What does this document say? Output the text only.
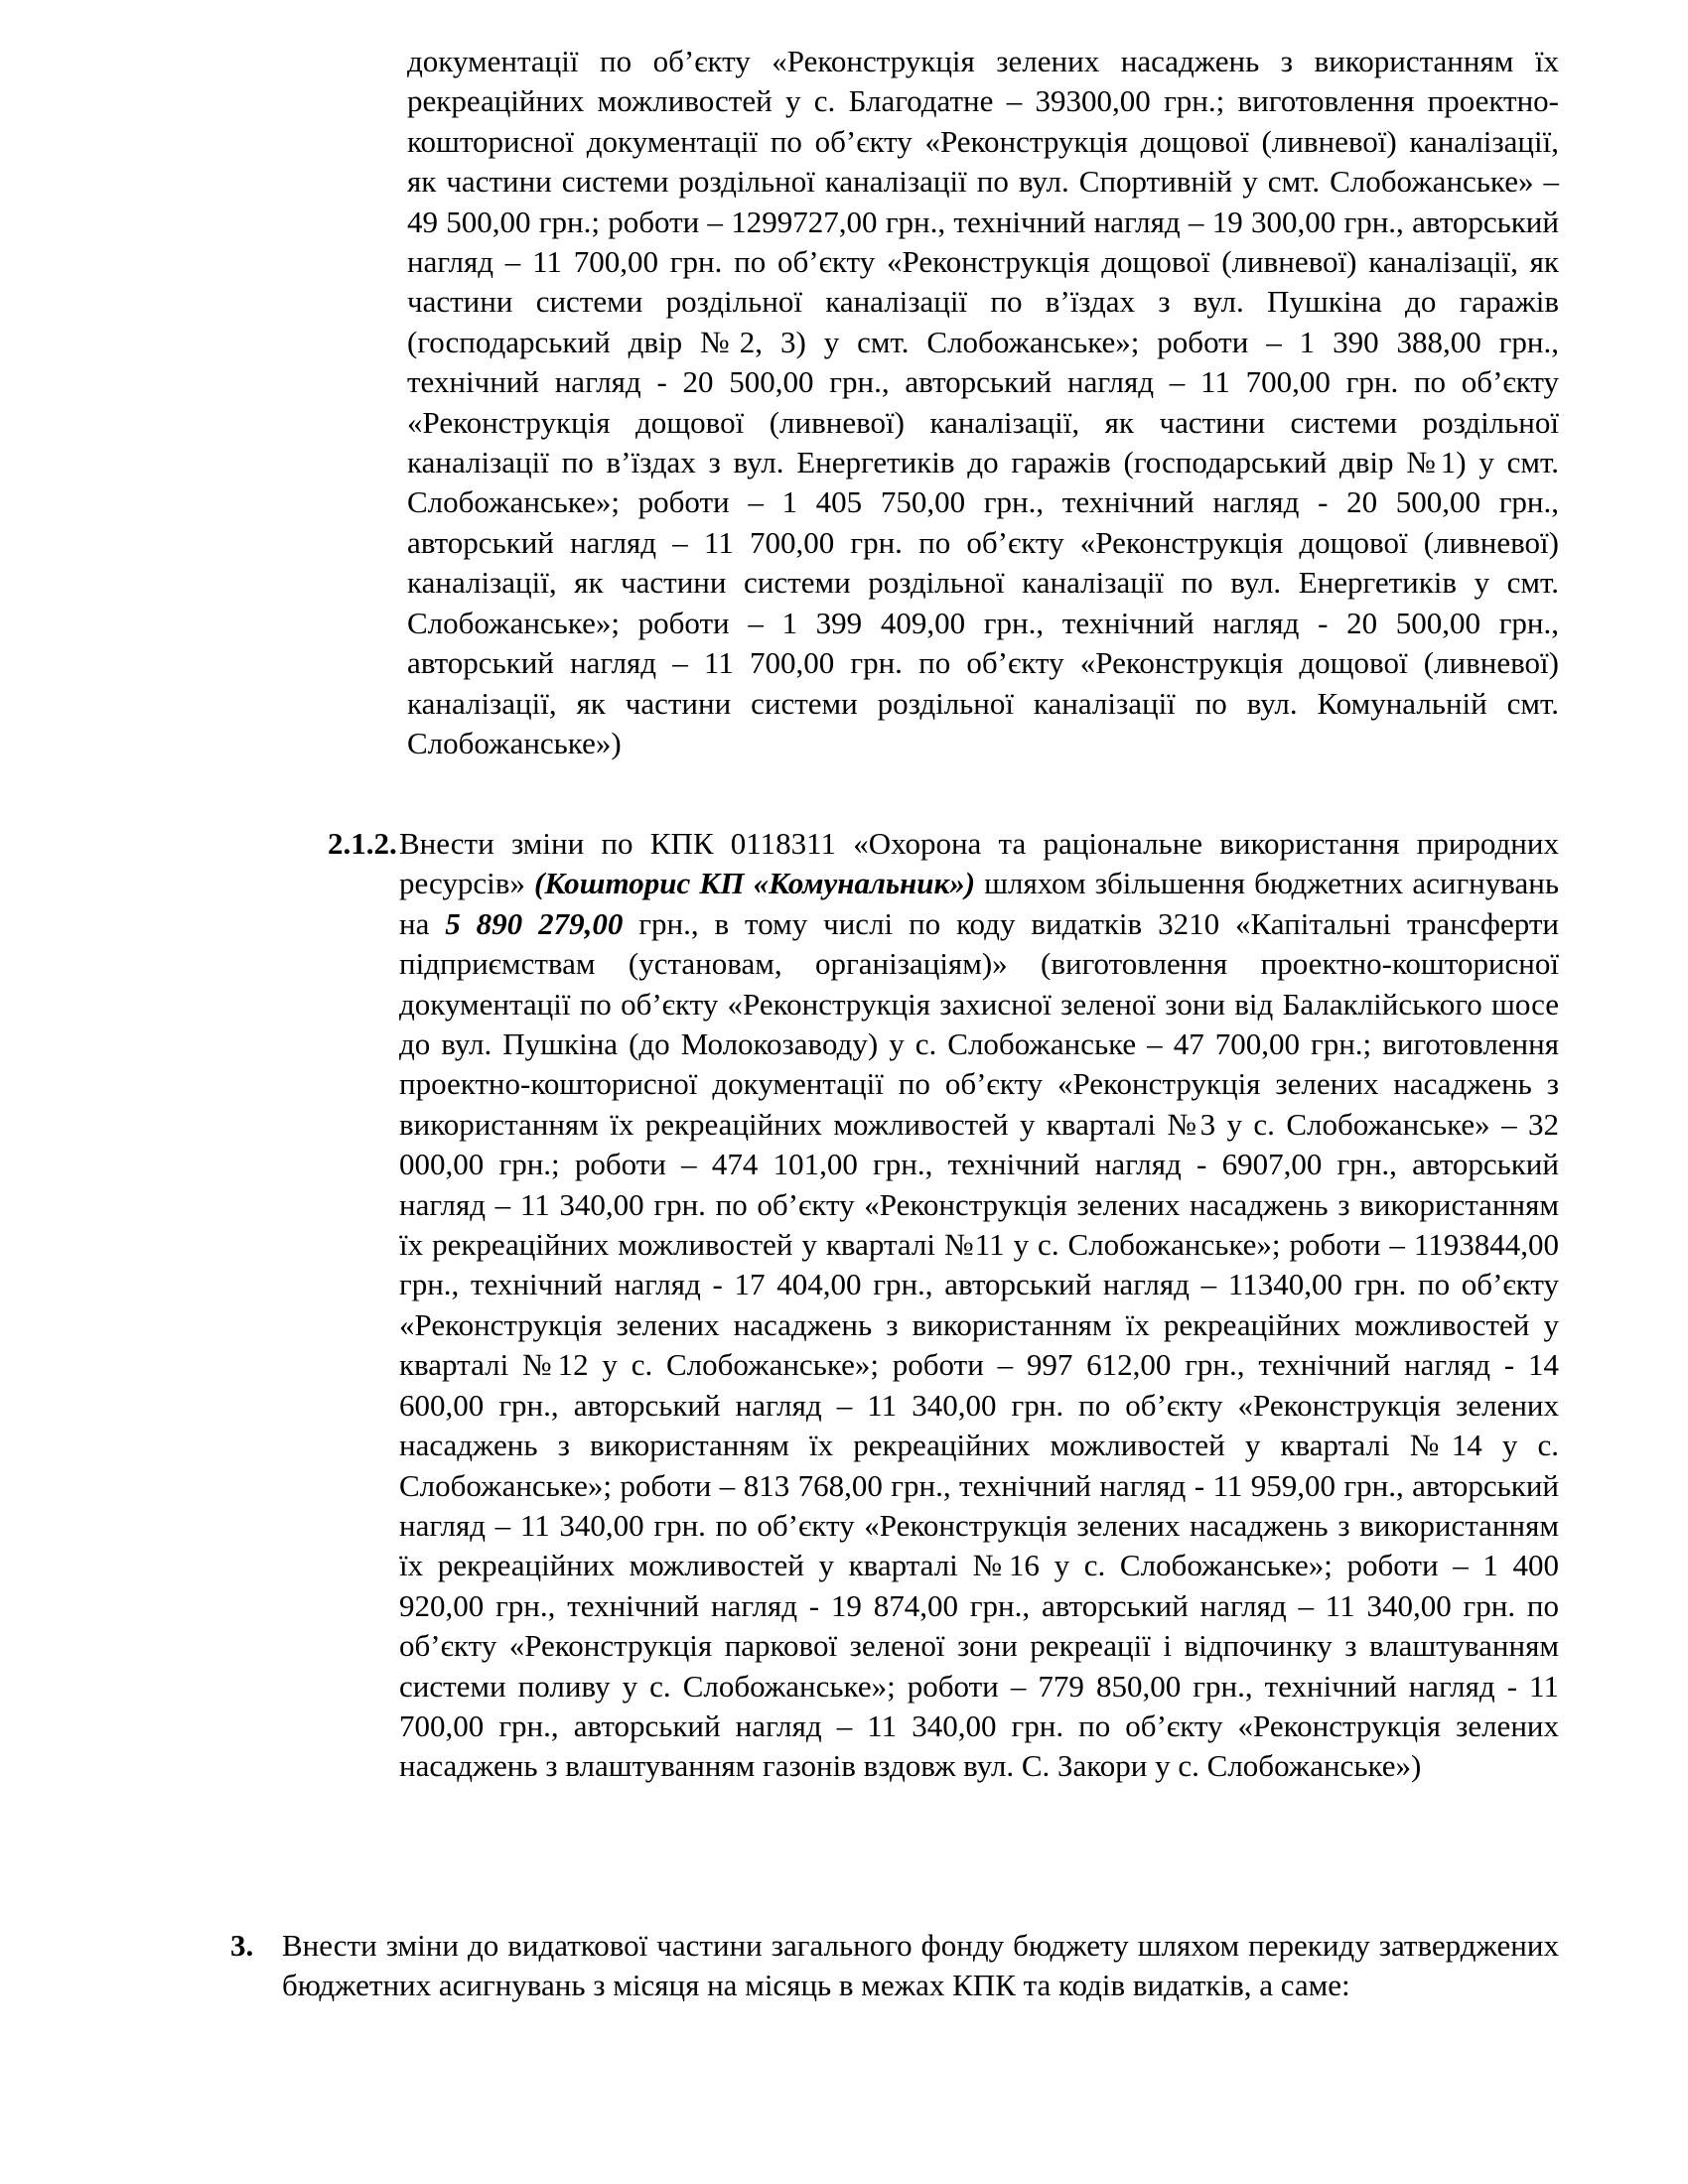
документації по об’єкту «Реконструкція зелених насаджень з використанням їх рекреаційних можливостей у с. Благодатне – 39300,00 грн.; виготовлення проектно-кошторисної документації по об’єкту «Реконструкція дощової (ливневої) каналізації, як частини системи роздільної каналізації по вул. Спортивній у смт. Слобожанське» – 49 500,00 грн.; роботи – 1299727,00 грн., технічний нагляд – 19 300,00 грн., авторський нагляд – 11 700,00 грн. по об’єкту «Реконструкція дощової (ливневої) каналізації, як частини системи роздільної каналізації по в’їздах з вул. Пушкіна до гаражів (господарський двір №2, 3) у смт. Слобожанське»; роботи – 1 390 388,00 грн., технічний нагляд - 20 500,00 грн., авторський нагляд – 11 700,00 грн. по об’єкту «Реконструкція дощової (ливневої) каналізації, як частини системи роздільної каналізації по в’їздах з вул. Енергетиків до гаражів (господарський двір №1) у смт. Слобожанське»; роботи – 1 405 750,00 грн., технічний нагляд - 20 500,00 грн., авторський нагляд – 11 700,00 грн. по об’єкту «Реконструкція дощової (ливневої) каналізації, як частини системи роздільної каналізації по вул. Енергетиків у смт. Слобожанське»; роботи – 1 399 409,00 грн., технічний нагляд - 20 500,00 грн., авторський нагляд – 11 700,00 грн. по об’єкту «Реконструкція дощової (ливневої) каналізації, як частини системи роздільної каналізації по вул. Комунальній смт. Слобожанське»)

2.1.2. Внести зміни по КПК 0118311 «Охорона та раціональне використання природних ресурсів» (Кошторис КП «Комунальник») шляхом збільшення бюджетних асигнувань на 5 890 279,00 грн., в тому числі по коду видатків 3210 «Капітальні трансферти підприємствам (установам, організаціям)» (виготовлення проектно-кошторисної документації по об’єкту «Реконструкція захисної зеленої зони від Балаклійського шосе до вул. Пушкіна (до Молокозаводу) у с. Слобожанське – 47 700,00 грн.; виготовлення проектно-кошторисної документації по об’єкту «Реконструкція зелених насаджень з використанням їх рекреаційних можливостей у кварталі №3 у с. Слобожанське» – 32 000,00 грн.; роботи – 474 101,00 грн., технічний нагляд - 6907,00 грн., авторський нагляд – 11 340,00 грн. по об’єкту «Реконструкція зелених насаджень з використанням їх рекреаційних можливостей у кварталі №11 у с. Слобожанське»; роботи – 1193844,00 грн., технічний нагляд - 17 404,00 грн., авторський нагляд – 11340,00 грн. по об’єкту «Реконструкція зелених насаджень з використанням їх рекреаційних можливостей у кварталі №12 у с. Слобожанське»; роботи – 997 612,00 грн., технічний нагляд - 14 600,00 грн., авторський нагляд – 11 340,00 грн. по об’єкту «Реконструкція зелених насаджень з використанням їх рекреаційних можливостей у кварталі №14 у с. Слобожанське»; роботи – 813 768,00 грн., технічний нагляд - 11 959,00 грн., авторський нагляд – 11 340,00 грн. по об’єкту «Реконструкція зелених насаджень з використанням їх рекреаційних можливостей у кварталі №16 у с. Слобожанське»; роботи – 1 400 920,00 грн., технічний нагляд - 19 874,00 грн., авторський нагляд – 11 340,00 грн. по об’єкту «Реконструкція паркової зеленої зони рекреації і відпочинку з влаштуванням системи поливу у с. Слобожанське»; роботи – 779 850,00 грн., технічний нагляд - 11 700,00 грн., авторський нагляд – 11 340,00 грн. по об’єкту «Реконструкція зелених насаджень з влаштуванням газонів вздовж вул. С. Закори у с. Слобожанське»)

3. Внести зміни до видаткової частини загального фонду бюджету шляхом перекиду затверджених бюджетних асигнувань з місяця на місяць в межах КПК та кодів видатків, а саме:
